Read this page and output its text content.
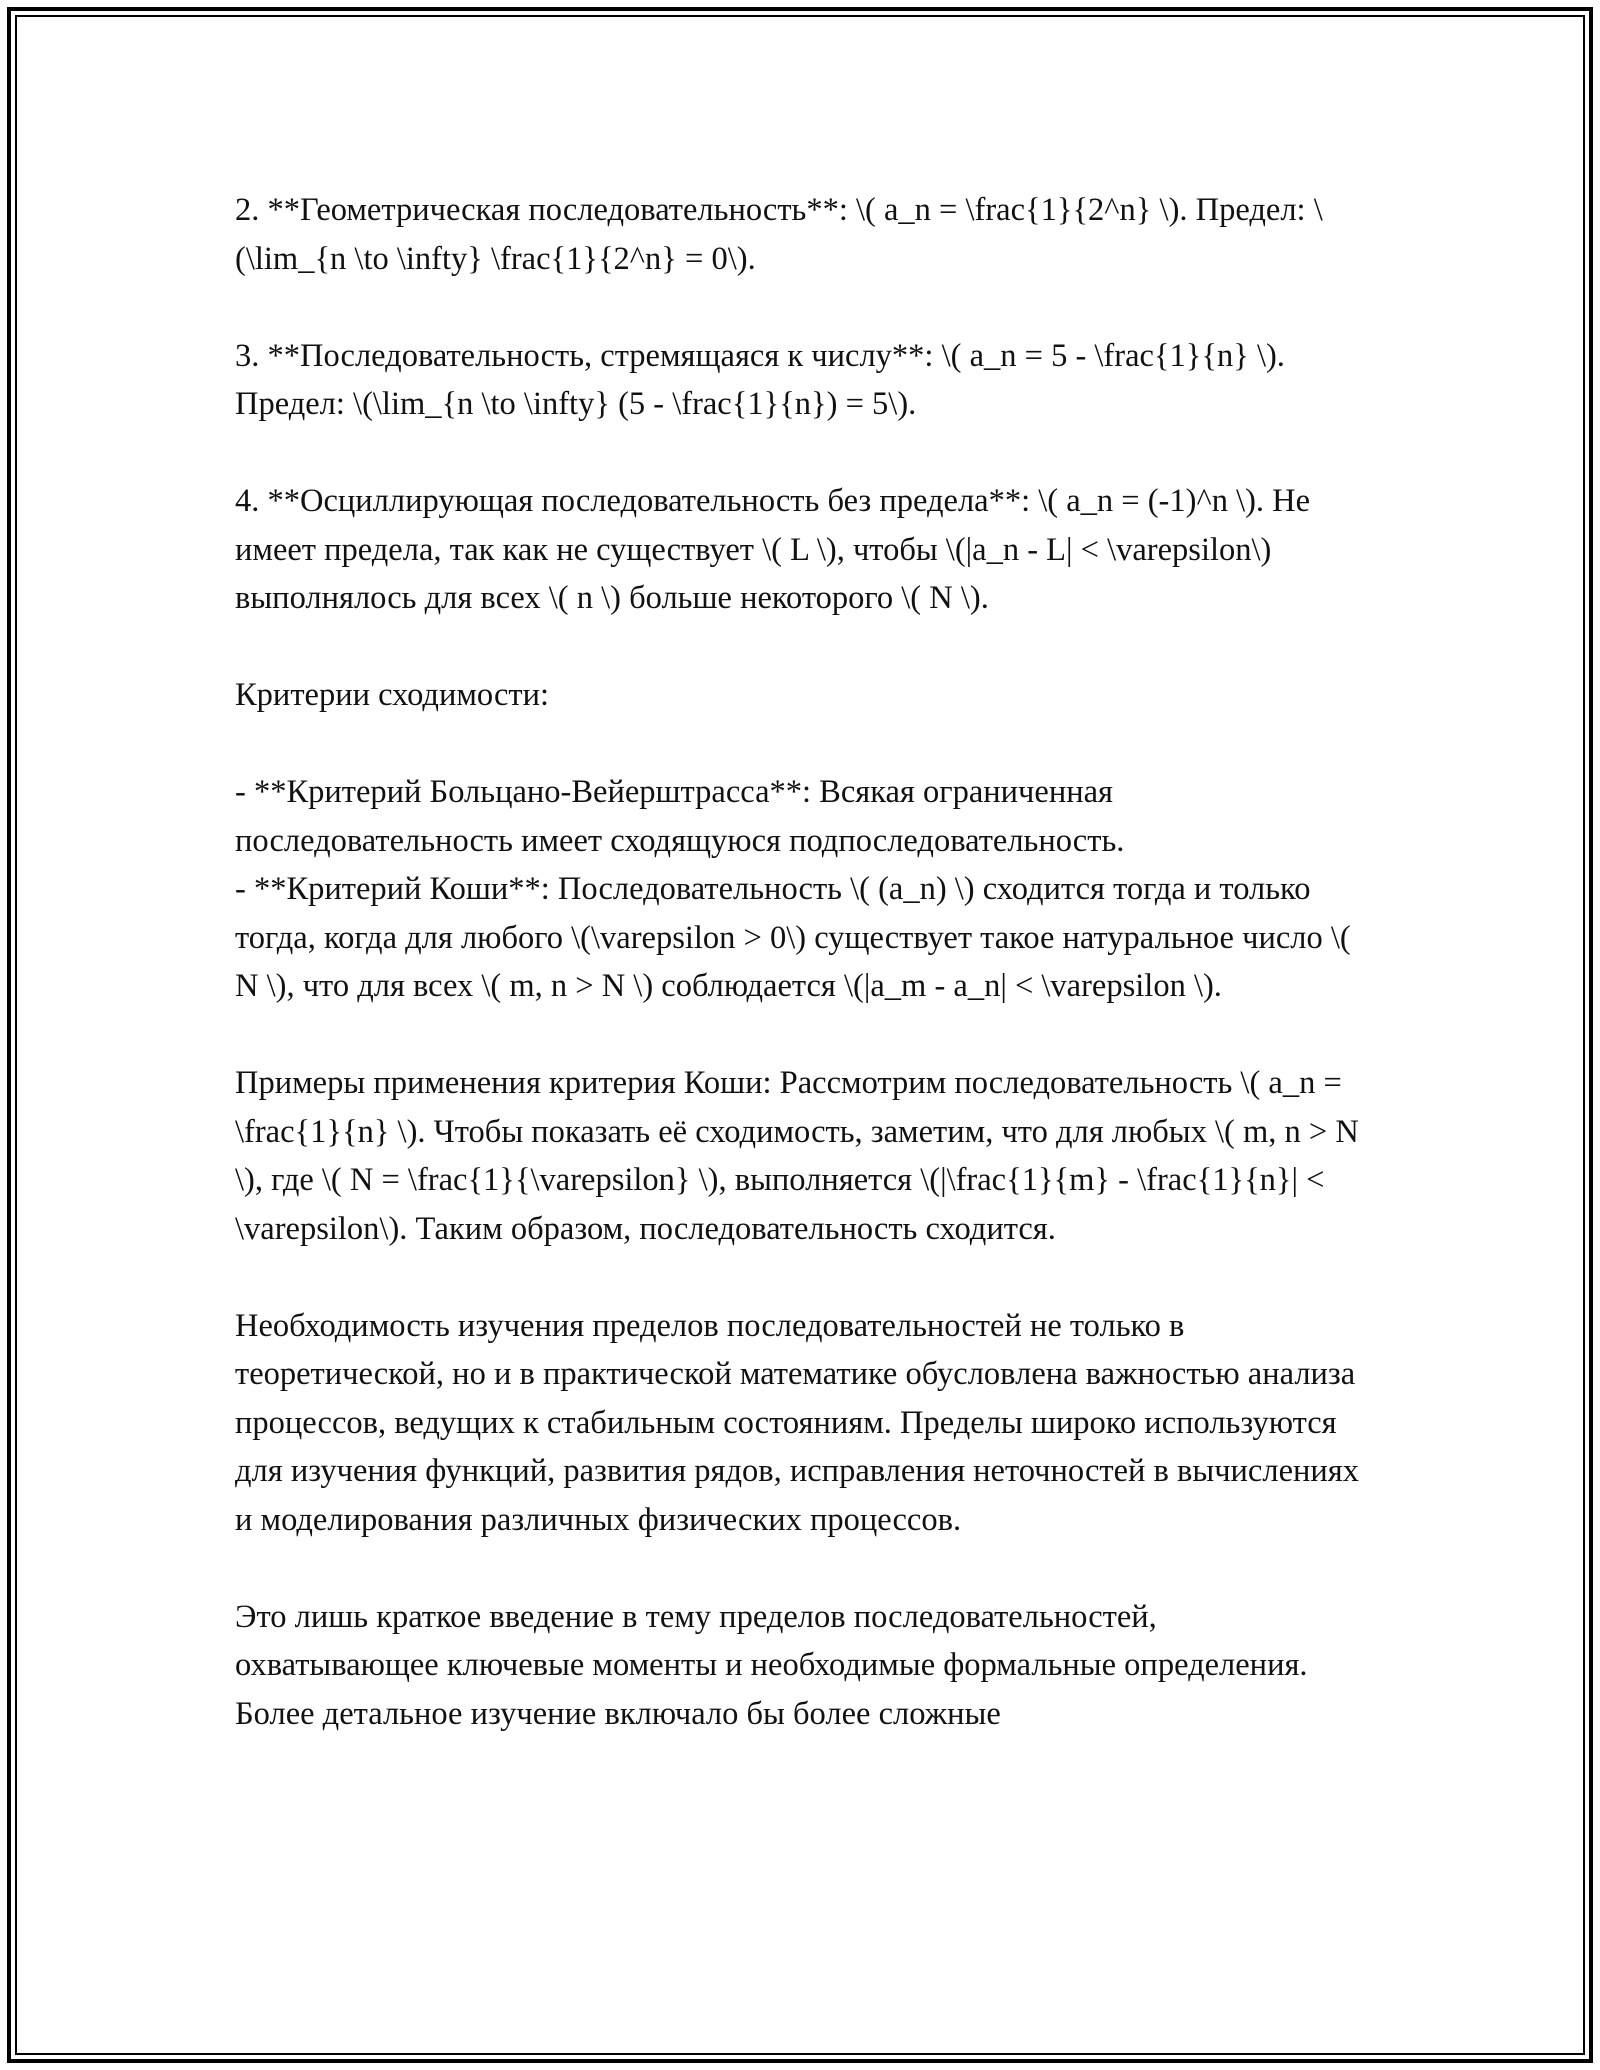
2. **Геометрическая последовательность**: \( a_n = \frac{1}{2^n} \). Предел: \(\lim_{n \to \infty} \frac{1}{2^n} = 0\).

3. **Последовательность, стремящаяся к числу**: \( a_n = 5 - \frac{1}{n} \). Предел: \(\lim_{n \to \infty} (5 - \frac{1}{n}) = 5\).

4. **Осциллирующая последовательность без предела**: \( a_n = (-1)^n \). Не имеет предела, так как не существует \( L \), чтобы \(|a_n - L| < \varepsilon\) выполнялось для всех \( n \) больше некоторого \( N \).

Критерии сходимости:

- **Критерий Больцано-Вейерштрасса**: Всякая ограниченная последовательность имеет сходящуюся подпоследовательность.

- **Критерий Коши**: Последовательность \( (a_n) \) сходится тогда и только тогда, когда для любого \(\varepsilon > 0\) существует такое натуральное число \( N \), что для всех \( m, n > N \) соблюдается \(|a_m - a_n| < \varepsilon \).

Примеры применения критерия Коши: Рассмотрим последовательность \( a_n = \frac{1}{n} \). Чтобы показать её сходимость, заметим, что для любых \( m, n > N \), где \( N = \frac{1}{\varepsilon} \), выполняется \(|\frac{1}{m} - \frac{1}{n}| < \varepsilon\). Таким образом, последовательность сходится.

Необходимость изучения пределов последовательностей не только в теоретической, но и в практической математике обусловлена важностью анализа процессов, ведущих к стабильным состояниям. Пределы широко используются для изучения функций, развития рядов, исправления неточностей в вычислениях и моделирования различных физических процессов.

Это лишь краткое введение в тему пределов последовательностей, охватывающее ключевые моменты и необходимые формальные определения. Более детальное изучение включало бы более сложные
